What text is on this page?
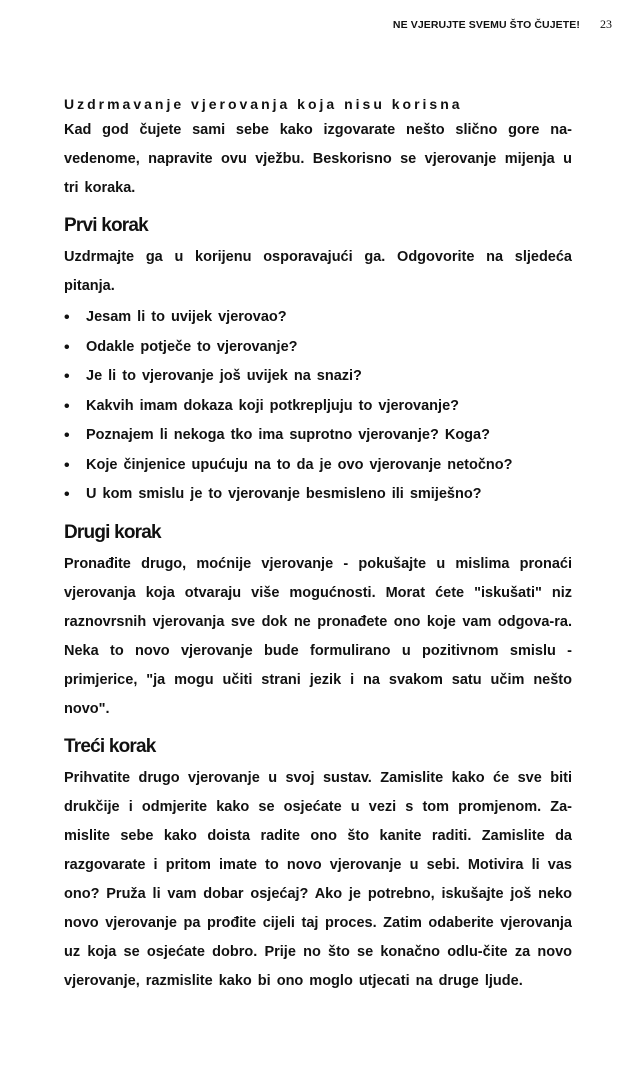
NE VJERUJTE SVEMU ŠTO ČUJETE! 23
Uzdrmavanje vjerovanja koja nisu korisna

Kad god čujete sami sebe kako izgovarate nešto slično gore na-vedenome, napravite ovu vježbu. Beskorisno se vjerovanje mijenja u tri koraka.

Prvi korak

Uzdrmajte ga u korijenu osporavajući ga. Odgovorite na sljedeća pitanja.

• Jesam li to uvijek vjerovao?
• Odakle potječe to vjerovanje?
• Je li to vjerovanje još uvijek na snazi?
• Kakvih imam dokaza koji potkrepljuju to vjerovanje?
• Poznajem li nekoga tko ima suprotno vjerovanje? Koga?
• Koje činjenice upućuju na to da je ovo vjerovanje netočno?
• U kom smislu je to vjerovanje besmisleno ili smiješno?
Drugi korak

Pronađite drugo, moćnije vjerovanje - pokušajte u mislima pronaći vjerovanja koja otvaraju više mogućnosti. Morat ćete "iskušati" niz raznovrsnih vjerovanja sve dok ne pronađete ono koje vam odgova-ra. Neka to novo vjerovanje bude formulirano u pozitivnom smislu - primjerice, "ja mogu učiti strani jezik i na svakom satu učim nešto novo".

Treći korak

Prihvatite drugo vjerovanje u svoj sustav. Zamislite kako će sve biti drukčije i odmjerite kako se osjećate u vezi s tom promjenom. Za-mislite sebe kako doista radite ono što kanite raditi. Zamislite da razgovarate i pritom imate to novo vjerovanje u sebi. Motivira li vas ono? Pruža li vam dobar osjećaj? Ako je potrebno, iskušajte još neko novo vjerovanje pa prođite cijeli taj proces. Zatim odaberite vjerovanja uz koja se osjećate dobro. Prije no što se konačno odlu-čite za novo vjerovanje, razmislite kako bi ono moglo utjecati na druge ljude.
